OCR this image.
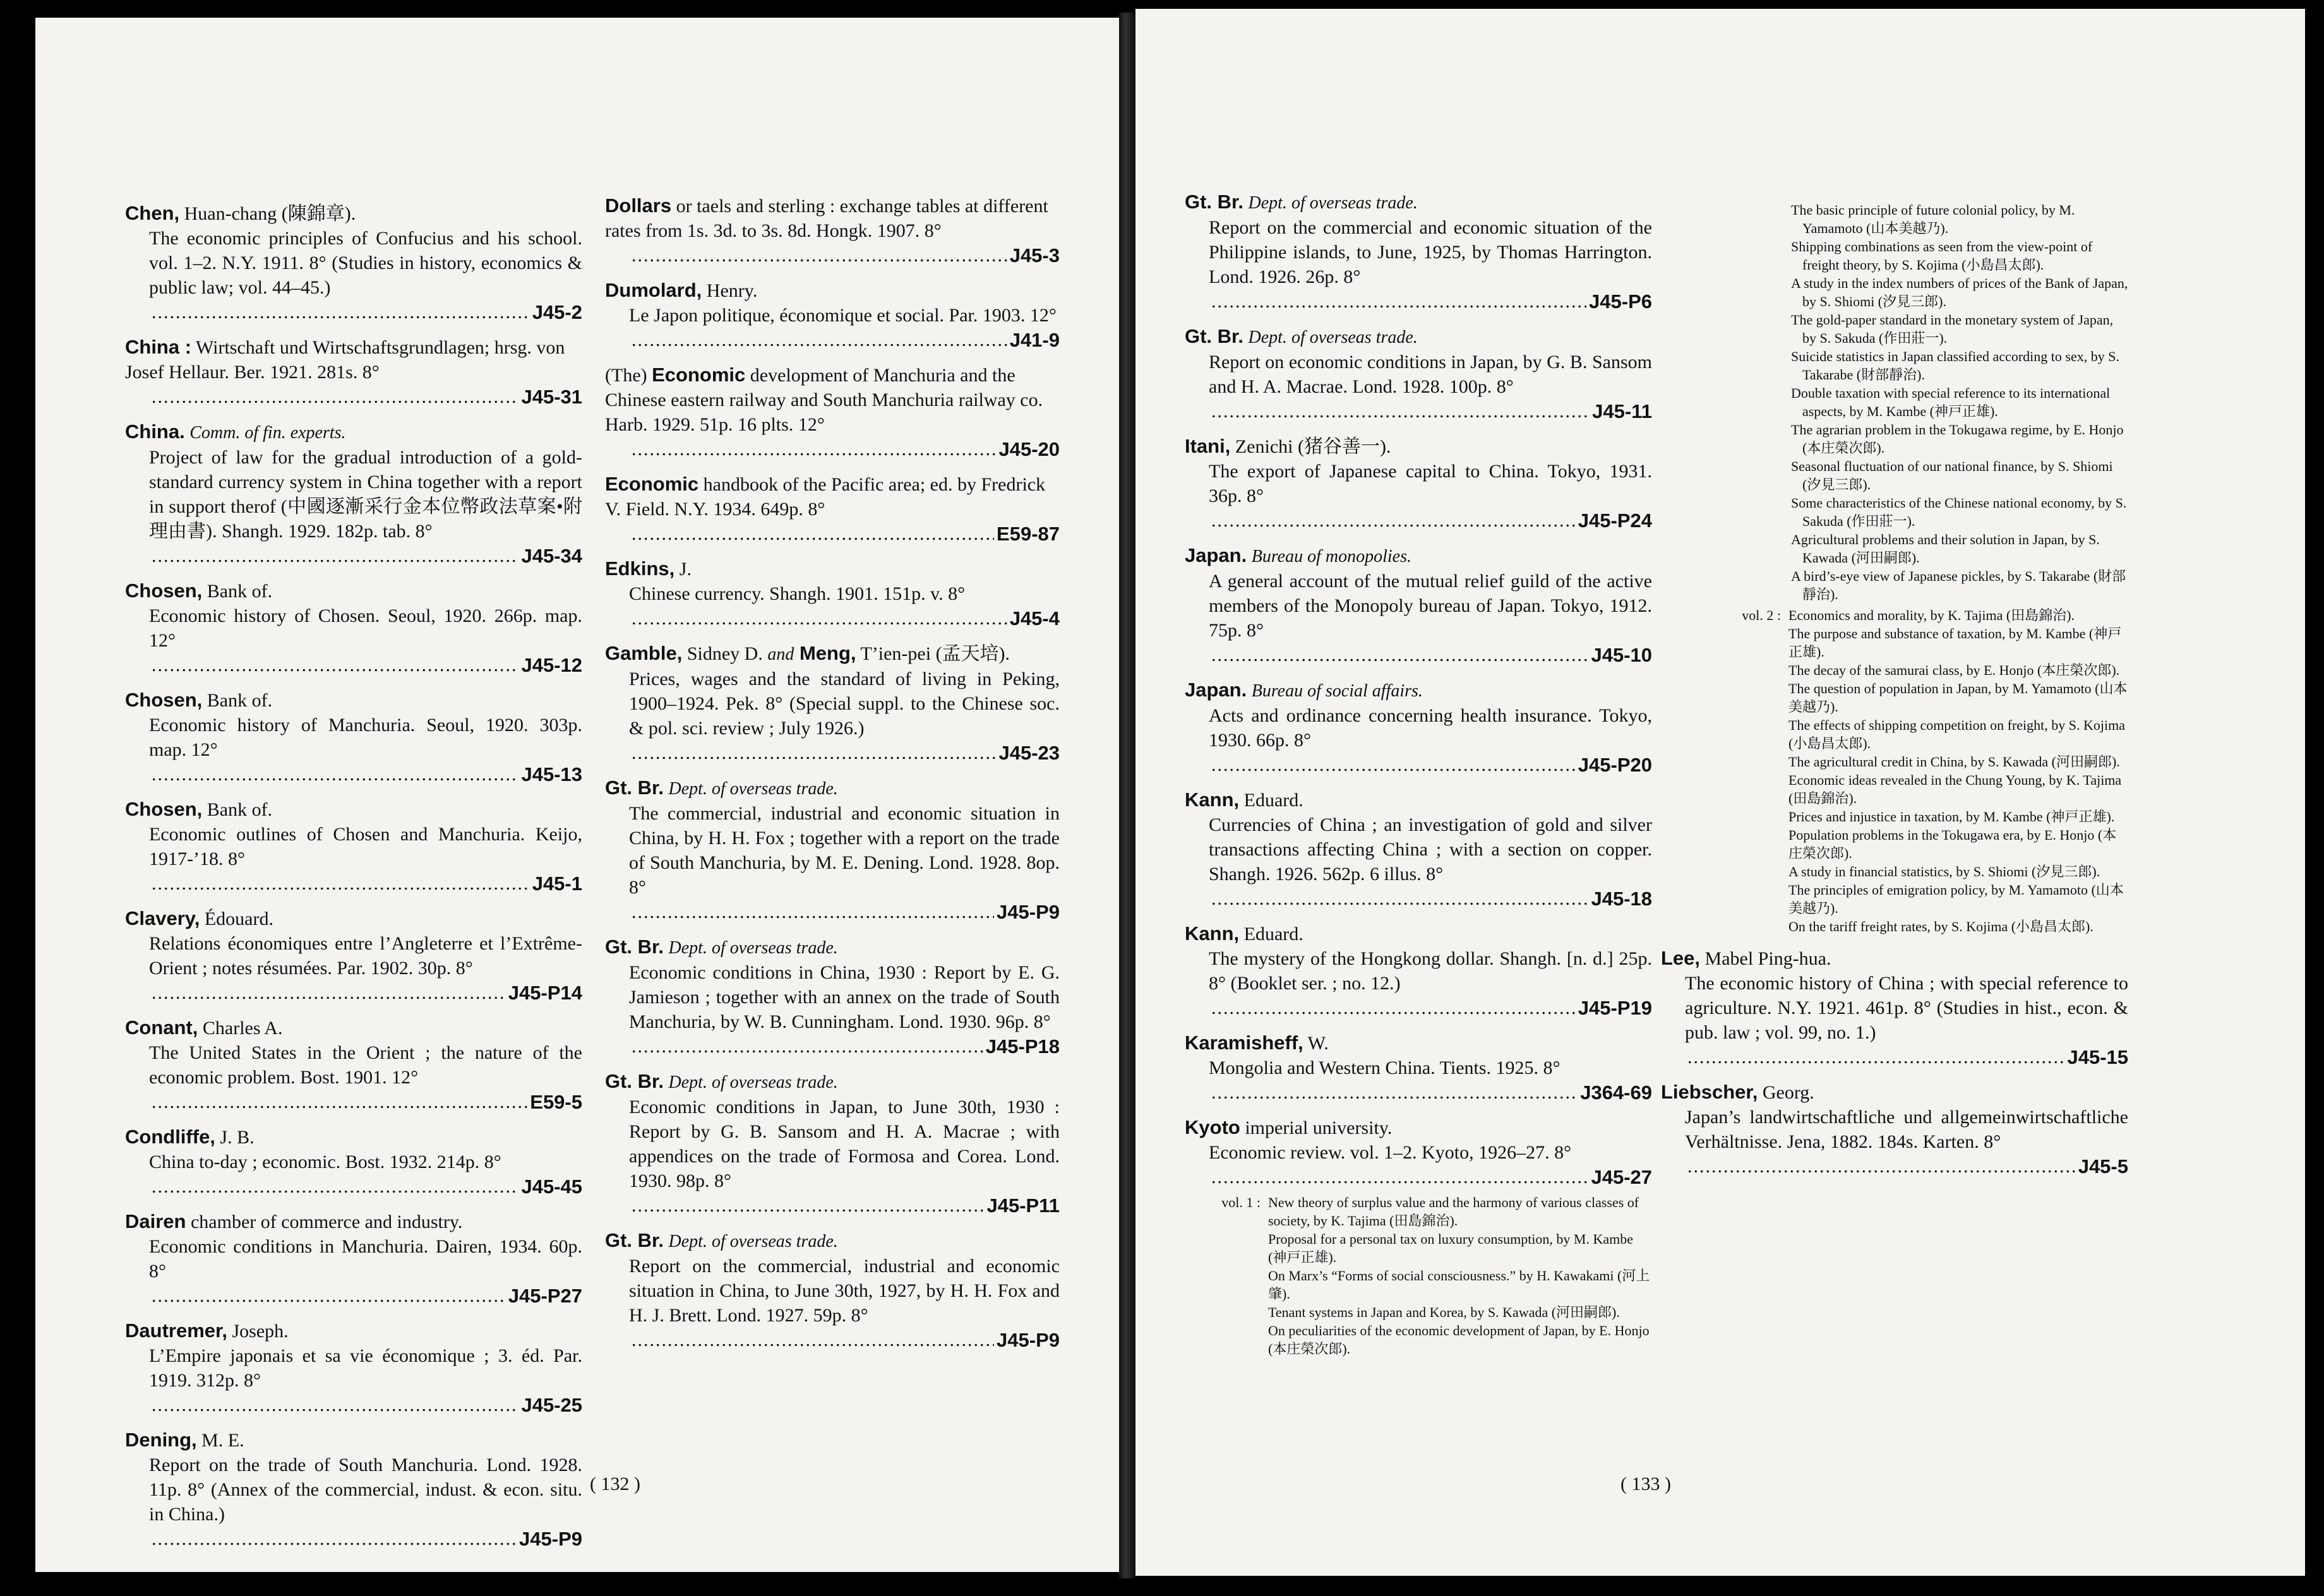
Chen, Huan-chang (陳錦章).
The economic principles of Confucius and his school. vol. 1–2. N.Y. 1911. 8° (Studies in history, economics & public law; vol. 44–45.)
.....
J45-2
China : Wirtschaft und Wirtschaftsgrundlagen; hrsg. von Josef Hellaur. Ber. 1921. 281s. 8°
.....
J45-31
China. Comm. of fin. experts.
Project of law for the gradual introduction of a gold-standard currency system in China together with a report in support therof (中國逐漸采行金本位幣政法草案•附理由書). Shangh. 1929. 182p. tab. 8°
.....
J45-34
Chosen, Bank of.
Economic history of Chosen. Seoul, 1920. 266p. map. 12°
.....
J45-12
Chosen, Bank of.
Economic history of Manchuria. Seoul, 1920. 303p. map. 12°
.....
J45-13
Chosen, Bank of.
Economic outlines of Chosen and Manchuria. Keijo, 1917-’18. 8°
.....
J45-1
Clavery, Édouard.
Relations économiques entre l’Angleterre et l’Extrême-Orient ; notes résumées. Par. 1902. 30p. 8°
.....
J45-P14
Conant, Charles A.
The United States in the Orient ; the nature of the economic problem. Bost. 1901. 12°
.....
E59-5
Condliffe, J. B.
China to-day ; economic. Bost. 1932. 214p. 8°
.....
J45-45
Dairen chamber of commerce and industry.
Economic conditions in Manchuria. Dairen, 1934. 60p. 8°
.....
J45-P27
Dautremer, Joseph.
L’Empire japonais et sa vie économique ; 3. éd. Par. 1919. 312p. 8°
.....
J45-25
Dening, M. E.
Report on the trade of South Manchuria. Lond. 1928. 11p. 8° (Annex of the commercial, indust. & econ. situ. in China.)
.....
J45-P9
Dollars or taels and sterling : exchange tables at different rates from 1s. 3d. to 3s. 8d. Hongk. 1907. 8°
.....
J45-3
Dumolard, Henry.
Le Japon politique, économique et social. Par. 1903. 12°
.....
J41-9
(The) Economic development of Manchuria and the Chinese eastern railway and South Manchuria railway co. Harb. 1929. 51p. 16 plts. 12°
.....
J45-20
Economic handbook of the Pacific area; ed. by Fredrick V. Field. N.Y. 1934. 649p. 8°
.....
E59-87
Edkins, J.
Chinese currency. Shangh. 1901. 151p. v. 8°
.....
J45-4
Gamble, Sidney D. and Meng, T’ien-pei (孟天培).
Prices, wages and the standard of living in Peking, 1900–1924. Pek. 8° (Special suppl. to the Chinese soc. & pol. sci. review ; July 1926.)
.....
J45-23
Gt. Br. Dept. of overseas trade.
The commercial, industrial and economic situation in China, by H. H. Fox ; together with a report on the trade of South Manchuria, by M. E. Dening. Lond. 1928. 8op. 8°
.....
J45-P9
Gt. Br. Dept. of overseas trade.
Economic conditions in China, 1930 : Report by E. G. Jamieson ; together with an annex on the trade of South Manchuria, by W. B. Cunningham. Lond. 1930. 96p. 8°
.....
J45-P18
Gt. Br. Dept. of overseas trade.
Economic conditions in Japan, to June 30th, 1930 : Report by G. B. Sansom and H. A. Macrae ; with appendices on the trade of Formosa and Corea. Lond. 1930. 98p. 8°
.....
J45-P11
Gt. Br. Dept. of overseas trade.
Report on the commercial, industrial and economic situation in China, to June 30th, 1927, by H. H. Fox and H. J. Brett. Lond. 1927. 59p. 8°
.....
J45-P9
Gt. Br. Dept. of overseas trade.
Report on the commercial and economic situation of the Philippine islands, to June, 1925, by Thomas Harrington. Lond. 1926. 26p. 8°
.....
J45-P6
Gt. Br. Dept. of overseas trade.
Report on economic conditions in Japan, by G. B. Sansom and H. A. Macrae. Lond. 1928. 100p. 8°
.....
J45-11
Itani, Zenichi (猪谷善一).
The export of Japanese capital to China. Tokyo, 1931. 36p. 8°
.....
J45-P24
Japan. Bureau of monopolies.
A general account of the mutual relief guild of the active members of the Monopoly bureau of Japan. Tokyo, 1912. 75p. 8°
.....
J45-10
Japan. Bureau of social affairs.
Acts and ordinance concerning health insurance. Tokyo, 1930. 66p. 8°
.....
J45-P20
Kann, Eduard.
Currencies of China ; an investigation of gold and silver transactions affecting China ; with a section on copper. Shangh. 1926. 562p. 6 illus. 8°
.....
J45-18
Kann, Eduard.
The mystery of the Hongkong dollar. Shangh. [n. d.] 25p. 8° (Booklet ser. ; no. 12.)
.....
J45-P19
Karamisheff, W.
Mongolia and Western China. Tients. 1925. 8°
.....
J364-69
Kyoto imperial university.
Economic review. vol. 1–2. Kyoto, 1926–27. 8°
.....
J45-27
vol. 1 : New theory of surplus value and the harmony of various classes of society, by K. Tajima (田島錦治).
Proposal for a personal tax on luxury consumption, by M. Kambe (神戸正雄).
On Marx’s “Forms of social consciousness.” by H. Kawakami (河上 肇).
Tenant systems in Japan and Korea, by S. Kawada (河田嗣郎).
On peculiarities of the economic development of Japan, by E. Honjo (本庄榮次郎).
The basic principle of future colonial policy, by M. Yamamoto (山本美越乃).
Shipping combinations as seen from the view-point of freight theory, by S. Kojima (小島昌太郎).
A study in the index numbers of prices of the Bank of Japan, by S. Shiomi (汐見三郎).
The gold-paper standard in the monetary system of Japan, by S. Sakuda (作田莊一).
Suicide statistics in Japan classified according to sex, by S. Takarabe (財部靜治).
Double taxation with special reference to its international aspects, by M. Kambe (神戸正雄).
The agrarian problem in the Tokugawa regime, by E. Honjo (本庄榮次郎).
Seasonal fluctuation of our national finance, by S. Shiomi (汐見三郎).
Some characteristics of the Chinese national economy, by S. Sakuda (作田莊一).
Agricultural problems and their solution in Japan, by S. Kawada (河田嗣郎).
A bird’s-eye view of Japanese pickles, by S. Takarabe (財部靜治).
vol. 2 : Economics and morality, by K. Tajima (田島錦治).
The purpose and substance of taxation, by M. Kambe (神戸正雄).
The decay of the samurai class, by E. Honjo (本庄榮次郎).
The question of population in Japan, by M. Yamamoto (山本美越乃).
The effects of shipping competition on freight, by S. Kojima (小島昌太郎).
The agricultural credit in China, by S. Kawada (河田嗣郎).
Economic ideas revealed in the Chung Young, by K. Tajima (田島錦治).
Prices and injustice in taxation, by M. Kambe (神戸正雄).
Population problems in the Tokugawa era, by E. Honjo (本庄榮次郎).
A study in financial statistics, by S. Shiomi (汐見三郎).
The principles of emigration policy, by M. Yamamoto (山本美越乃).
On the tariff freight rates, by S. Kojima (小島昌太郎).
Lee, Mabel Ping-hua.
The economic history of China ; with special reference to agriculture. N.Y. 1921. 461p. 8° (Studies in hist., econ. & pub. law ; vol. 99, no. 1.)
.....
J45-15
Liebscher, Georg.
Japan’s landwirtschaftliche und allgemeinwirtschaftliche Verhältnisse. Jena, 1882. 184s. Karten. 8°
.....
J45-5
( 132 )	( 133 )
